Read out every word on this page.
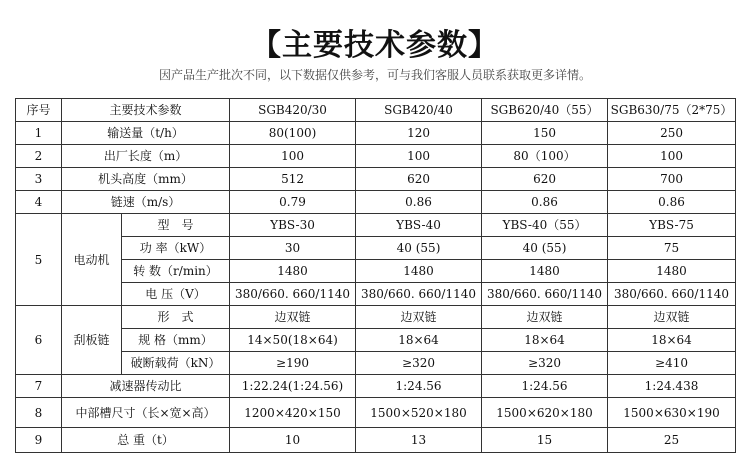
【主要技术参数】
因产品生产批次不同，以下数据仅供参考，可与我们客服人员联系获取更多详情。
序号	主要技术参数		SGB420/30	SGB420/40	SGB620/40（55）	SGB630/75（2*75）
1	输送量（t/h）		80(100)	120	150	250
2	出厂长度（m）		100	100	80（100）	100
3	机头高度（mm）		512	620	620	700
4	链速（m/s）		0.79	0.86	0.86	0.86
5	电动机	型　号	YBS-30	YBS-40	YBS-40（55）	YBS-75
		功 率（kW）	30	40 (55)	40 (55)	75
		转 数（r/min）	1480	1480	1480	1480
		电 压（V）	380/660. 660/1140	380/660. 660/1140	380/660. 660/1140	380/660. 660/1140
6	刮板链	形　式	边双链	边双链	边双链	边双链
		规 格（mm）	14×50(18×64)	18×64	18×64	18×64
		破断载荷（kN）	≥190	≥320	≥320	≥410
7	减速器传动比		1:22.24(1:24.56)	1:24.56	1:24.56	1:24.438
8	中部槽尺寸（长×宽×高）		1200×420×150	1500×520×180	1500×620×180	1500×630×190
9	总 重（t）		10	13	15	25
